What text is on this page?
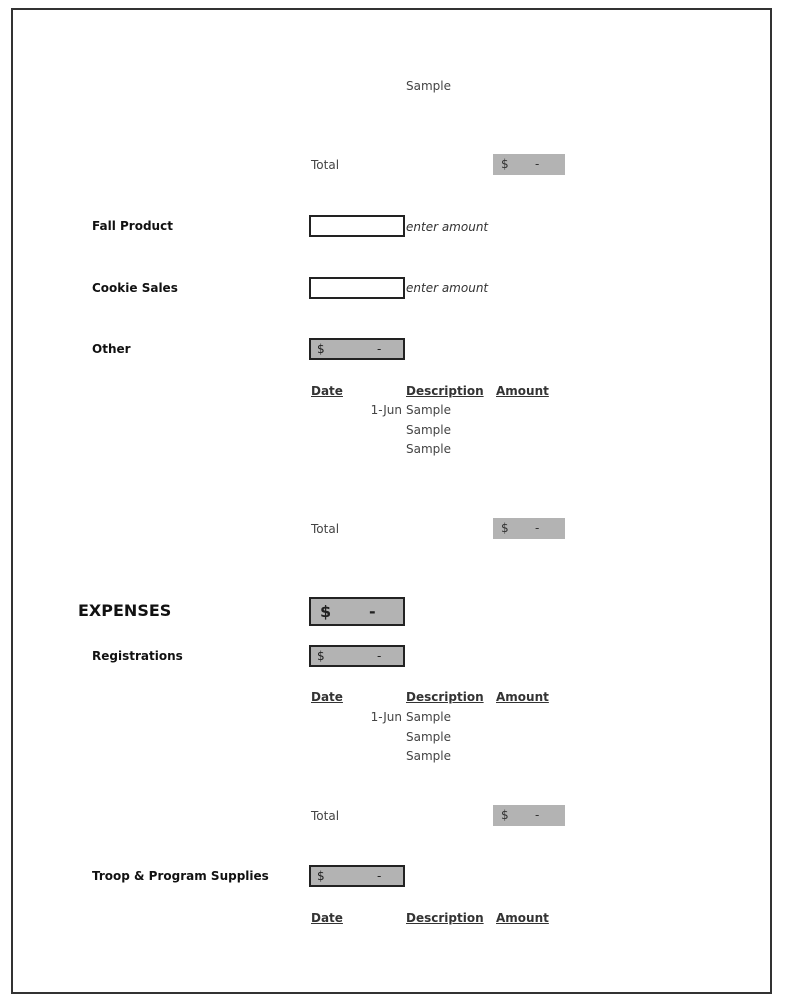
Sample
Total	$ -
Fall Product	enter amount
Cookie Sales	enter amount
Other	$	-
Date	Description Amount
1-Jun Sample
Sample
Sample
Total	$ -
EXPENSES	$ -
Registrations	$	-
Date	Description Amount
1-Jun Sample
Sample
Sample
Total	$ -
Troop & Program Supplies	$	-
Date	Description Amount
